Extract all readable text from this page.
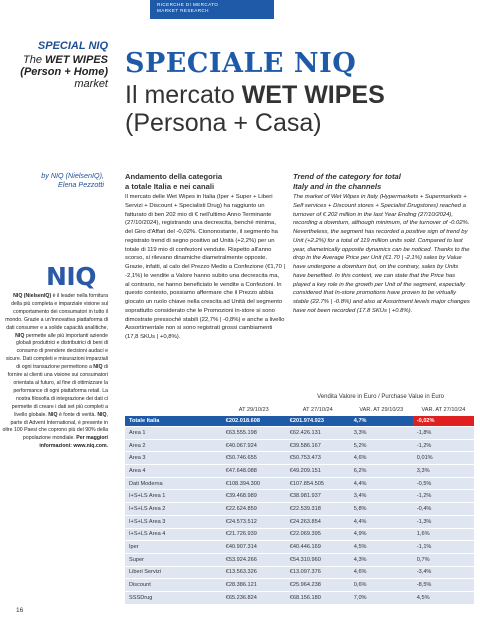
RICERCHE DI MERCATO
MARKET RESEARCH
SPECIAL NIQ
The WET WIPES
(Person + Home)
market
by NIQ (NielsenIQ),
Elena Pezzotti
NIQ
NIQ (NielsenIQ) è il leader nella fornitura della più completa e imparziale visione sul comportamento dei consumatori in tutto il mondo. Grazie a un'innovativa piattaforma di dati consumer e a solide capacità analitiche, NIQ permette alle più importanti aziende globali produttrici e distributrici di beni di consumo di prendere decisioni audaci e sicure. Dati completi e misurazioni imparziali di ogni transazione permettono a NIQ di fornire ai clienti una visione sui consumatori orientata al futuro, al fine di ottimizzare la performance di ogni piattaforma retail. La nostra filosofia di integrazione dei dati ci permette di creare i dati set più completi a livello globale. NIQ è fonte di verità. NIQ, parte di Advent International, è presente in oltre 100 Paesi che coprono più del 90% della popolazione mondiale. Per maggiori informazioni: www.niq.com.
16
SPECIALE NIQ
Il mercato WET WIPES
(Persona + Casa)
Andamento della categoria
a totale Italia e nei canali
Il mercato delle Wet Wipes in Italia (Iper + Super + Liberi Servizi + Discount + Specialisti Drug) ha raggiunto un fatturato di ben 202 mio di € nell'ultimo Anno Terminante (27/10/2024), registrando una decrescita, benché minima, del Giro d'Affari del -0,02%. Ciononostante, il segmento ha registrato trend di segno positivo ad Unità (+2,2%) per un totale di 119 mio di confezioni vendute. Rispetto all'anno scorso, si rilevano dinamiche diametralmente opposte. Grazie, infatti, al calo del Prezzo Medio a Confezione (€1,70 | -2,1%) le vendite a Valore hanno subito una decrescita ma, al contrario, ne hanno beneficiato le vendite a Confezioni. In questo contesto, possiamo affermare che il Prezzo abbia giocato un ruolo chiave nella crescita ad Unità del segmento soprattutto considerato che le Promozioni in-store si sono dimostrate pressoché stabili (22,7% | -0,8%) e anche a livello Assortimentale non si sono registrati grossi cambiamenti (17,8 SKUs | +0,8%).
Trend of the category for total
Italy and in the channels
The market of Wet Wipes in Italy (Hypermarkets + Supermarkets + Self services + Discount stores + Specialist Drugstores) reached a turnover of € 202 million in the last Year Ending (27/10/2024), recording a downturn, although minimum, of the turnover of -0.02%. Nevertheless, the segment has recorded a positive sign of trend by Unit (+2.2%) for a total of 119 million units sold. Compared to last year, diametrically opposite dynamics can be noticed. Thanks to the drop in the Average Price per Unit (€1.70 | -2.1%) sales by Value have undergone a downturn but, on the contrary, sales by Units have benefited. In this context, we can state that the Price has played a key role in the growth per Unit of the segment, especially considered that In-store promotions have proven to be virtually stable (22.7% | -0.8%) and also at Assortment levels major changes have not been recorded (17.8 SKUs | +0.8%).
Vendita Valore in Euro / Purchase Value in Euro
	AT 29/10/23	AT 27/10/24	VAR. AT 29/10/23	VAR. AT 27/10/24
Totale Italia	€202.018.608	€201.974.923	4,7%	-0,02%
Area 1	€63.555.198	€62.426.131	3,3%	-1,8%
Area 2	€40.067.924	€39.586.167	5,2%	-1,2%
Area 3	€50.746.655	€50.753.473	4,6%	0,01%
Area 4	€47.648.088	€49.209.151	6,2%	3,3%
Dati Moderna	€108.394.300	€107.854.505	4,4%	-0,5%
I+S+LS Area 1	€39.468.989	€38.981.937	3,4%	-1,2%
I+S+LS Area 2	€22.624.859	€22.539.318	5,8%	-0,4%
I+S+LS Area 3	€24.573.512	€24.263.854	4,4%	-1,3%
I+S+LS Area 4	€21.726.939	€22.069.395	4,9%	1,6%
Iper	€40.907.314	€40.446.169	4,5%	-1,1%
Super	€53.924.266	€54.310.960	4,3%	0,7%
Liberi Servizi	€13.563.326	€13.097.376	4,6%	-3,4%
Discount	€28.386.121	€25.964.238	0,6%	-8,5%
SSSDrug	€65.236.824	€68.156.180	7,0%	4,5%
